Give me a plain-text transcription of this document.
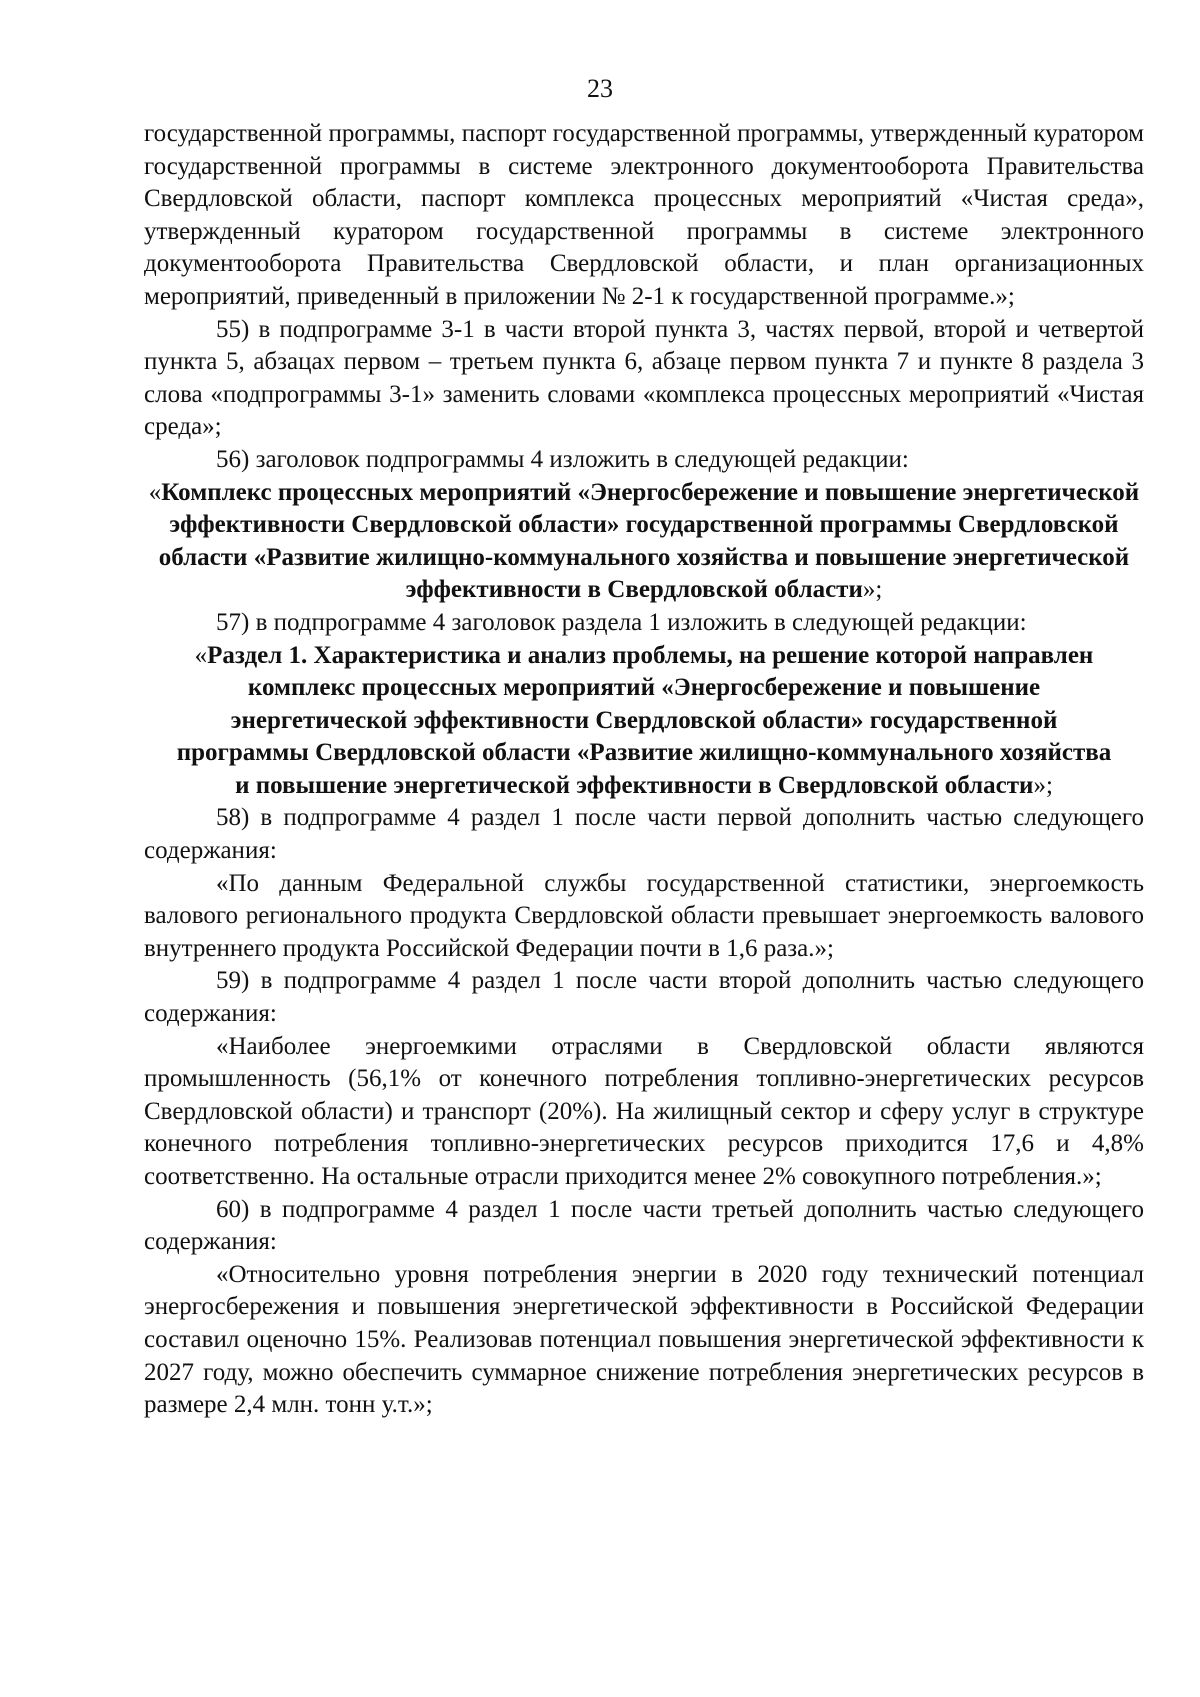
23

государственной программы, паспорт государственной программы, утвержденный куратором государственной программы в системе электронного документооборота Правительства Свердловской области, паспорт комплекса процессных мероприятий «Чистая среда», утвержденный куратором государственной программы в системе электронного документооборота Правительства Свердловской области, и план организационных мероприятий, приведенный в приложении № 2-1 к государственной программе.»;

55) в подпрограмме 3-1 в части второй пункта 3, частях первой, второй и четвертой пункта 5, абзацах первом – третьем пункта 6, абзаце первом пункта 7 и пункте 8 раздела 3 слова «подпрограммы 3-1» заменить словами «комплекса процессных мероприятий «Чистая среда»;

56) заголовок подпрограммы 4 изложить в следующей редакции:

«Комплекс процессных мероприятий «Энергосбережение и повышение энергетической эффективности Свердловской области» государственной программы Свердловской области «Развитие жилищно-коммунального хозяйства и повышение энергетической эффективности в Свердловской области»;

57) в подпрограмме 4 заголовок раздела 1 изложить в следующей редакции:

«Раздел 1. Характеристика и анализ проблемы, на решение которой направлен комплекс процессных мероприятий «Энергосбережение и повышение энергетической эффективности Свердловской области» государственной программы Свердловской области «Развитие жилищно-коммунального хозяйства и повышение энергетической эффективности в Свердловской области»;

58) в подпрограмме 4 раздел 1 после части первой дополнить частью следующего содержания:

«По данным Федеральной службы государственной статистики, энергоемкость валового регионального продукта Свердловской области превышает энергоемкость валового внутреннего продукта Российской Федерации почти в 1,6 раза.»;

59) в подпрограмме 4 раздел 1 после части второй дополнить частью следующего содержания:

«Наиболее энергоемкими отраслями в Свердловской области являются промышленность (56,1% от конечного потребления топливно-энергетических ресурсов Свердловской области) и транспорт (20%). На жилищный сектор и сферу услуг в структуре конечного потребления топливно-энергетических ресурсов приходится 17,6 и 4,8% соответственно. На остальные отрасли приходится менее 2% совокупного потребления.»;

60) в подпрограмме 4 раздел 1 после части третьей дополнить частью следующего содержания:

«Относительно уровня потребления энергии в 2020 году технический потенциал энергосбережения и повышения энергетической эффективности в Российской Федерации составил оценочно 15%. Реализовав потенциал повышения энергетической эффективности к 2027 году, можно обеспечить суммарное снижение потребления энергетических ресурсов в размере 2,4 млн. тонн у.т.»;
